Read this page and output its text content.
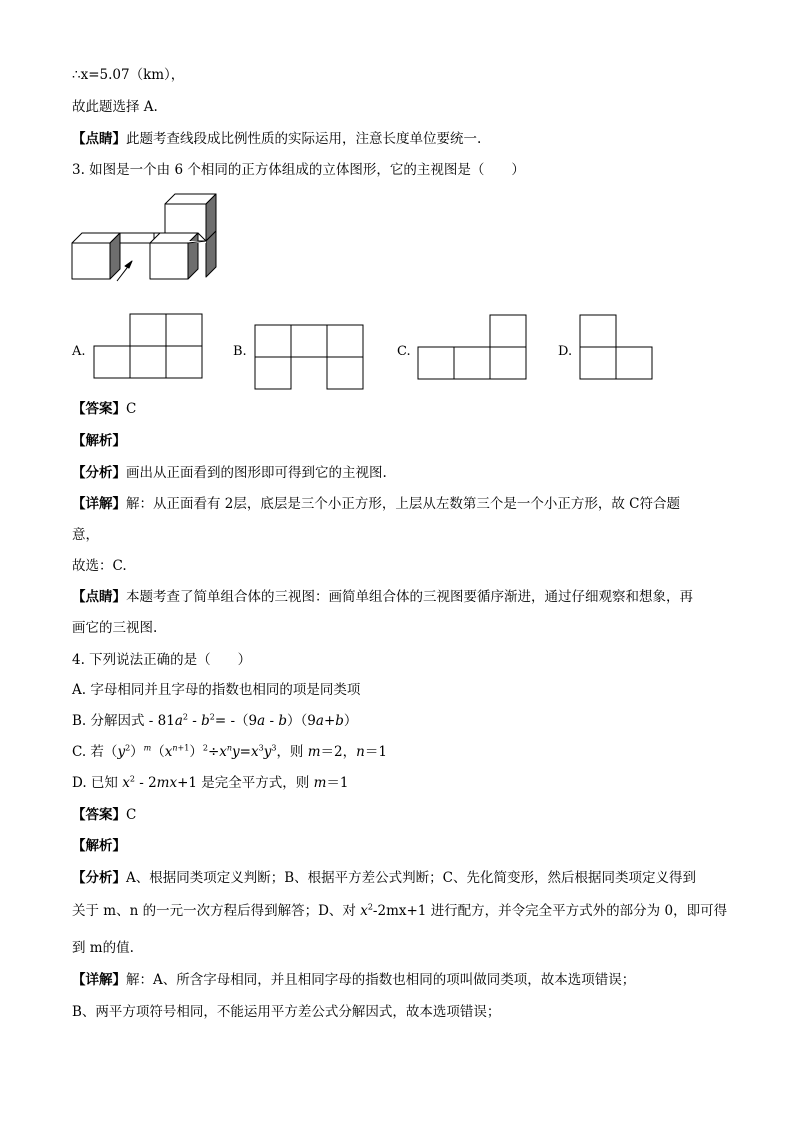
∴x=5.07（km），
故此题选择 A.
【点睛】此题考查线段成比例性质的实际运用，注意长度单位要统一.
3. 如图是一个由 6 个相同的正方体组成的立体图形，它的主视图是（　　）
A.	B.	C.	D.
【答案】C
【解析】
【分析】画出从正面看到的图形即可得到它的主视图.
【详解】解：从正面看有 2层，底层是三个小正方形，上层从左数第三个是一个小正方形，故 C符合题
意，
故选：C.
【点睛】本题考查了简单组合体的三视图：画简单组合体的三视图要循序渐进，通过仔细观察和想象，再
画它的三视图.
4. 下列说法正确的是（　　）
A. 字母相同并且字母的指数也相同的项是同类项
B. 分解因式 - $81a^2 - b^2= -(9a - b)(9a+b)$
C. 若$(y^2)^m(x^{n+1})^2\div x^ny=x^3y^3$，则 m＝2，n＝1
D. 已知 $x^2 - 2mx+1$ 是完全平方式，则 m＝1
【答案】C
【解析】
【分析】A、根据同类项定义判断；B、根据平方差公式判断；C、先化简变形，然后根据同类项定义得到
关于 m、n 的一元一次方程后得到解答；D、对 $x^2-2mx+1$ 进行配方，并令完全平方式外的部分为 0，即可得
到 m的值.
【详解】解：A、所含字母相同，并且相同字母的指数也相同的项叫做同类项，故本选项错误；
B、两平方项符号相同，不能运用平方差公式分解因式，故本选项错误；
